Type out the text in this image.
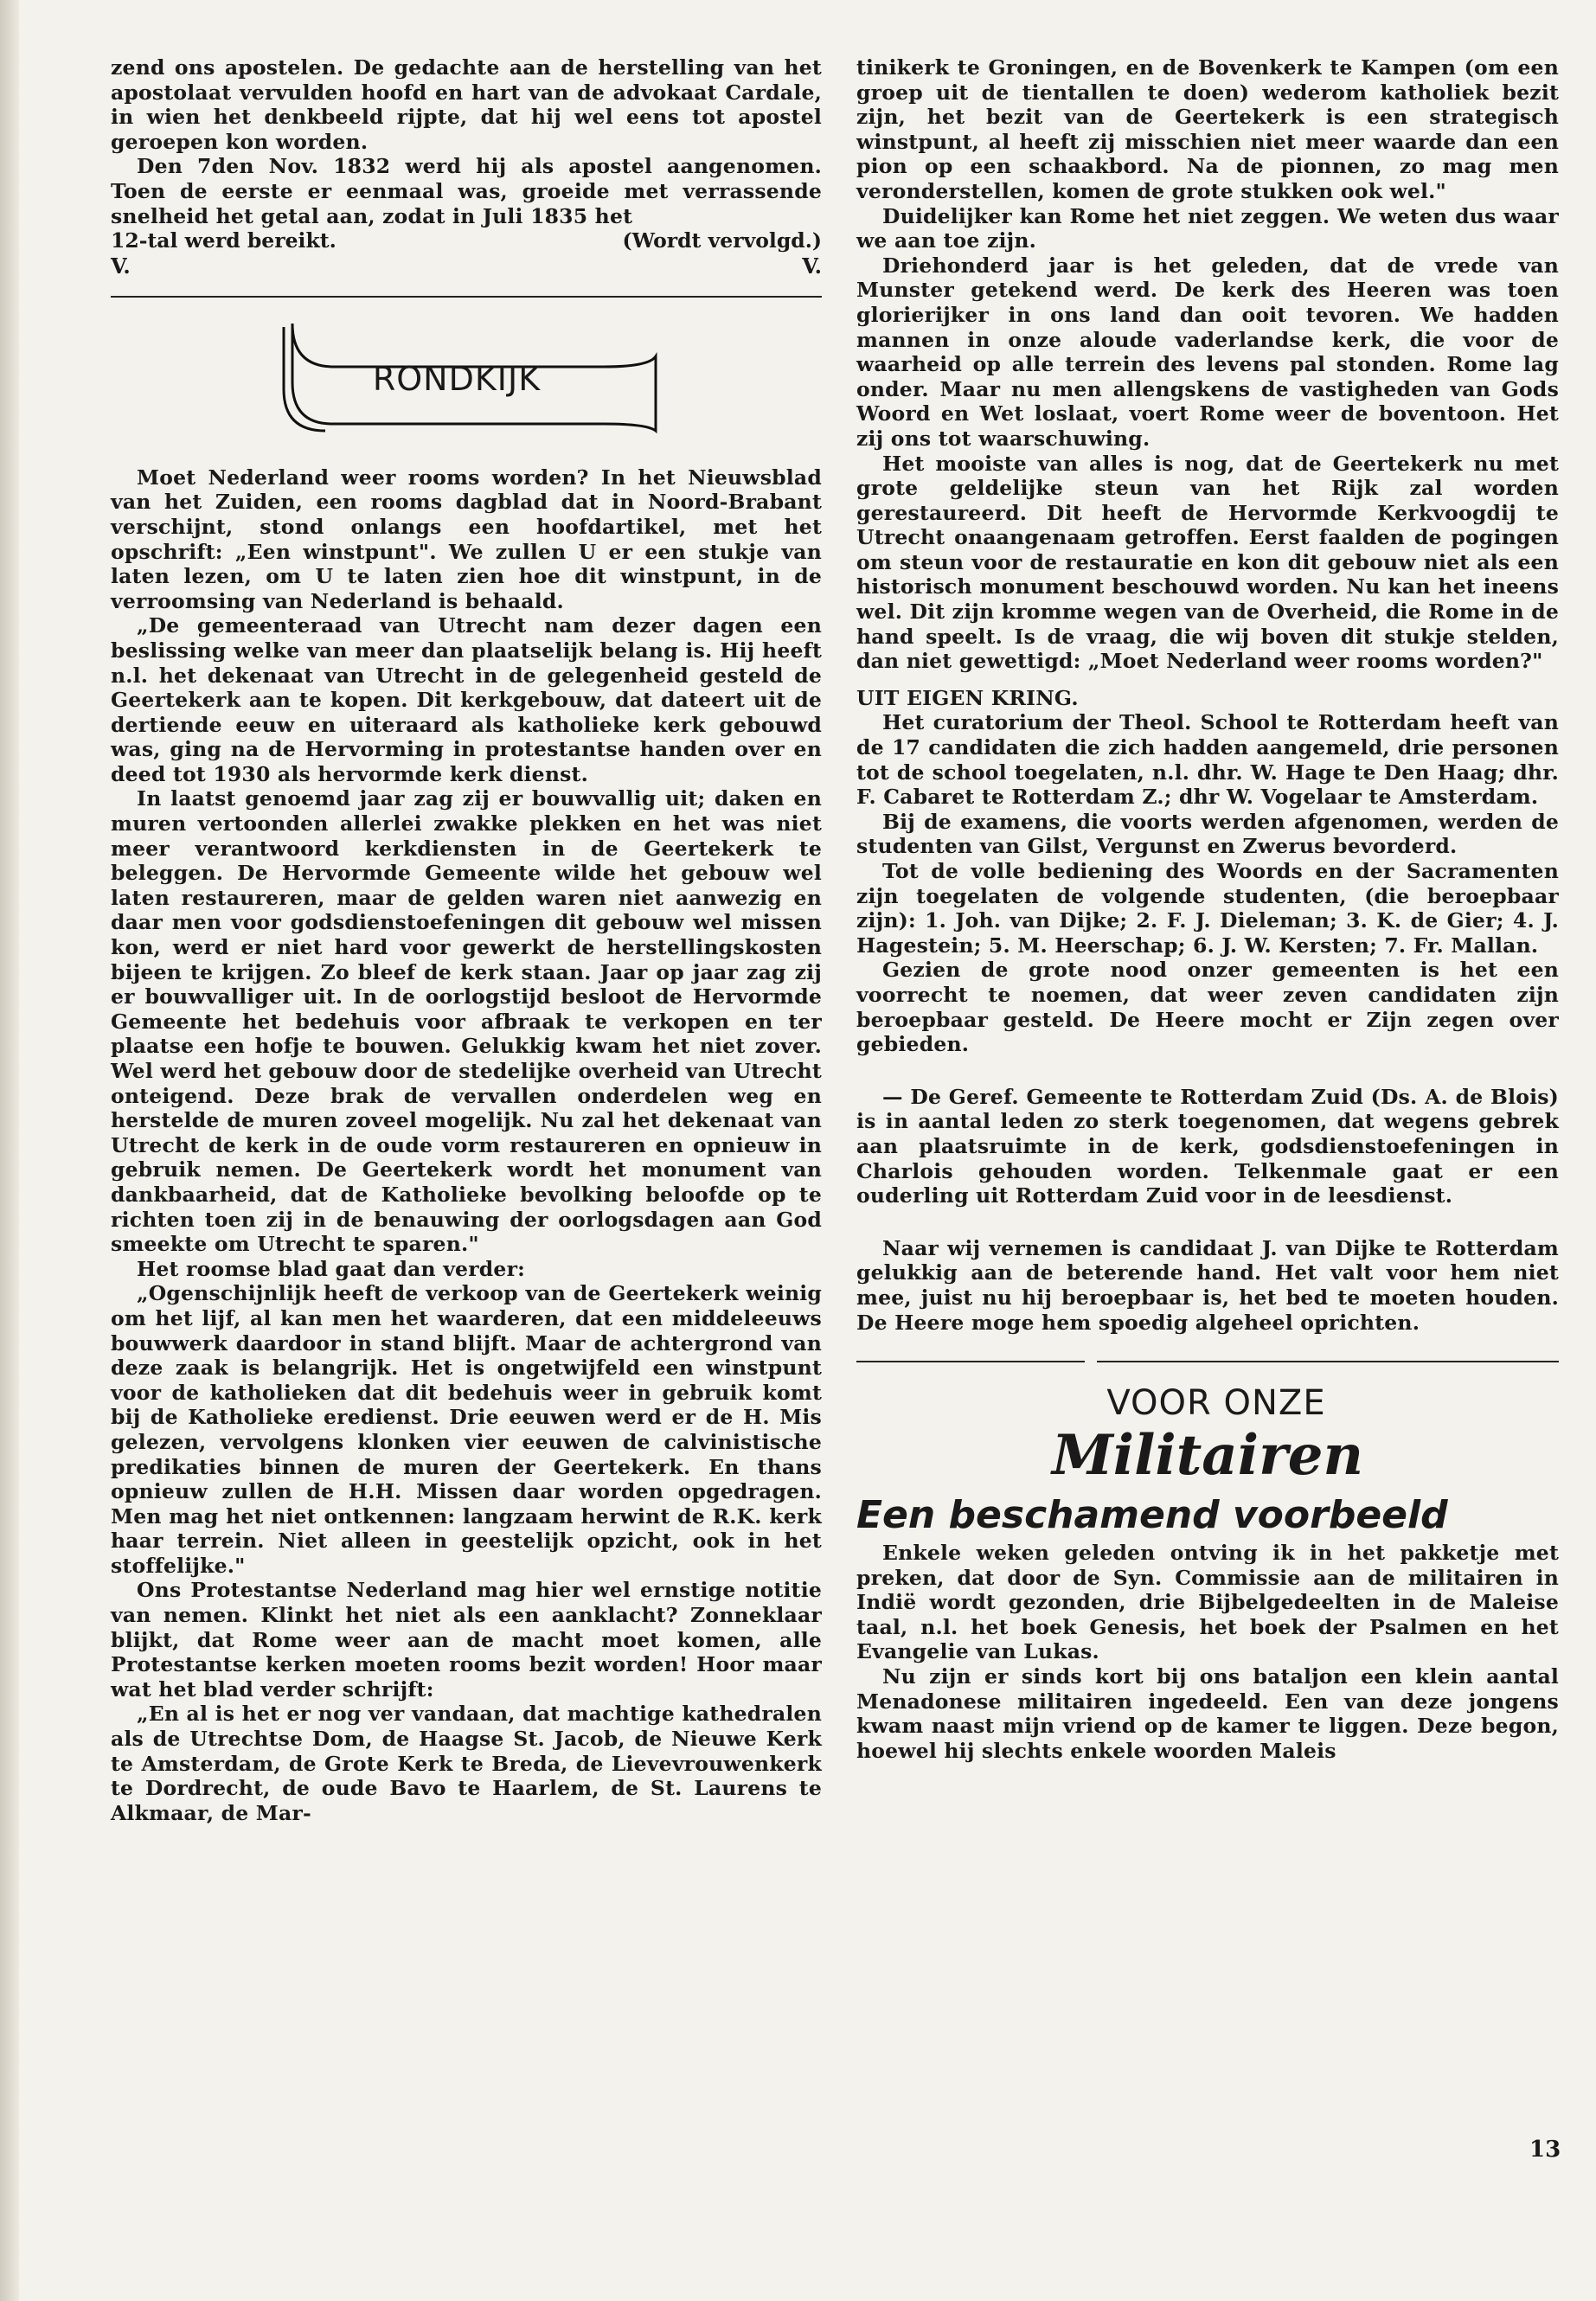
zend ons apostelen. De gedachte aan de herstelling van het apostolaat vervulden hoofd en hart van de advokaat Cardale, in wien het denkbeeld rijpte, dat hij wel eens tot apostel geroepen kon worden.

Den 7den Nov. 1832 werd hij als apostel aangenomen. Toen de eerste er eenmaal was, groeide met verrassende snelheid het getal aan, zodat in Juli 1835 het

12-tal werd bereikt.	(Wordt vervolgd.)
V.	V.
RONDKIJK

Moet Nederland weer rooms worden? In het Nieuwsblad van het Zuiden, een rooms dagblad dat in Noord-Brabant verschijnt, stond onlangs een hoofdartikel, met het opschrift: „Een winstpunt". We zullen U er een stukje van laten lezen, om U te laten zien hoe dit winstpunt, in de verroomsing van Nederland is behaald.

„De gemeenteraad van Utrecht nam dezer dagen een beslissing welke van meer dan plaatselijk belang is. Hij heeft n.l. het dekenaat van Utrecht in de gelegenheid gesteld de Geertekerk aan te kopen. Dit kerkgebouw, dat dateert uit de dertiende eeuw en uiteraard als katholieke kerk gebouwd was, ging na de Hervorming in protestantse handen over en deed tot 1930 als hervormde kerk dienst.

In laatst genoemd jaar zag zij er bouwvallig uit; daken en muren vertoonden allerlei zwakke plekken en het was niet meer verantwoord kerkdiensten in de Geertekerk te beleggen. De Hervormde Gemeente wilde het gebouw wel laten restaureren, maar de gelden waren niet aanwezig en daar men voor godsdienstoefeningen dit gebouw wel missen kon, werd er niet hard voor gewerkt de herstellingskosten bijeen te krijgen. Zo bleef de kerk staan. Jaar op jaar zag zij er bouwvalliger uit. In de oorlogstijd besloot de Hervormde Gemeente het bedehuis voor afbraak te verkopen en ter plaatse een hofje te bouwen. Gelukkig kwam het niet zover. Wel werd het gebouw door de stedelijke overheid van Utrecht onteigend. Deze brak de vervallen onderdelen weg en herstelde de muren zoveel mogelijk. Nu zal het dekenaat van Utrecht de kerk in de oude vorm restaureren en opnieuw in gebruik nemen. De Geertekerk wordt het monument van dankbaarheid, dat de Katholieke bevolking beloofde op te richten toen zij in de benauwing der oorlogsdagen aan God smeekte om Utrecht te sparen."

Het roomse blad gaat dan verder:

„Ogenschijnlijk heeft de verkoop van de Geertekerk weinig om het lijf, al kan men het waarderen, dat een middeleeuws bouwwerk daardoor in stand blijft. Maar de achtergrond van deze zaak is belangrijk. Het is ongetwijfeld een winstpunt voor de katholieken dat dit bedehuis weer in gebruik komt bij de Katholieke eredienst. Drie eeuwen werd er de H. Mis gelezen, vervolgens klonken vier eeuwen de calvinistische predikaties binnen de muren der Geertekerk. En thans opnieuw zullen de H.H. Missen daar worden opgedragen. Men mag het niet ontkennen: langzaam herwint de R.K. kerk haar terrein. Niet alleen in geestelijk opzicht, ook in het stoffelijke."

Ons Protestantse Nederland mag hier wel ernstige notitie van nemen. Klinkt het niet als een aanklacht? Zonneklaar blijkt, dat Rome weer aan de macht moet komen, alle Protestantse kerken moeten rooms bezit worden! Hoor maar wat het blad verder schrijft:

„En al is het er nog ver vandaan, dat machtige kathedralen als de Utrechtse Dom, de Haagse St. Jacob, de Nieuwe Kerk te Amsterdam, de Grote Kerk te Breda, de Lievevrouwenkerk te Dordrecht, de oude Bavo te Haarlem, de St. Laurens te Alkmaar, de Mar-

tinikerk te Groningen, en de Bovenkerk te Kampen (om een groep uit de tientallen te doen) wederom katholiek bezit zijn, het bezit van de Geertekerk is een strategisch winstpunt, al heeft zij misschien niet meer waarde dan een pion op een schaakbord. Na de pionnen, zo mag men veronderstellen, komen de grote stukken ook wel."

Duidelijker kan Rome het niet zeggen. We weten dus waar we aan toe zijn.

Driehonderd jaar is het geleden, dat de vrede van Munster getekend werd. De kerk des Heeren was toen glorierijker in ons land dan ooit tevoren. We hadden mannen in onze aloude vaderlandse kerk, die voor de waarheid op alle terrein des levens pal stonden. Rome lag onder. Maar nu men allengskens de vastigheden van Gods Woord en Wet loslaat, voert Rome weer de boventoon. Het zij ons tot waarschuwing.

Het mooiste van alles is nog, dat de Geertekerk nu met grote geldelijke steun van het Rijk zal worden gerestaureerd. Dit heeft de Hervormde Kerkvoogdij te Utrecht onaangenaam getroffen. Eerst faalden de pogingen om steun voor de restauratie en kon dit gebouw niet als een historisch monument beschouwd worden. Nu kan het ineens wel. Dit zijn kromme wegen van de Overheid, die Rome in de hand speelt. Is de vraag, die wij boven dit stukje stelden, dan niet gewettigd: „Moet Nederland weer rooms worden?"

UIT EIGEN KRING.

Het curatorium der Theol. School te Rotterdam heeft van de 17 candidaten die zich hadden aangemeld, drie personen tot de school toegelaten, n.l. dhr. W. Hage te Den Haag; dhr. F. Cabaret te Rotterdam Z.; dhr W. Vogelaar te Amsterdam.

Bij de examens, die voorts werden afgenomen, werden de studenten van Gilst, Vergunst en Zwerus bevorderd.

Tot de volle bediening des Woords en der Sacramenten zijn toegelaten de volgende studenten, (die beroepbaar zijn): 1. Joh. van Dijke; 2. F. J. Dieleman; 3. K. de Gier; 4. J. Hagestein; 5. M. Heerschap; 6. J. W. Kersten; 7. Fr. Mallan.

Gezien de grote nood onzer gemeenten is het een voorrecht te noemen, dat weer zeven candidaten zijn beroepbaar gesteld. De Heere mocht er Zijn zegen over gebieden.

— De Geref. Gemeente te Rotterdam Zuid (Ds. A. de Blois) is in aantal leden zo sterk toegenomen, dat wegens gebrek aan plaatsruimte in de kerk, godsdienstoefeningen in Charlois gehouden worden. Telkenmale gaat er een ouderling uit Rotterdam Zuid voor in de leesdienst.

Naar wij vernemen is candidaat J. van Dijke te Rotterdam gelukkig aan de beterende hand. Het valt voor hem niet mee, juist nu hij beroepbaar is, het bed te moeten houden. De Heere moge hem spoedig algeheel oprichten.

VOOR ONZE
Militairen
Een beschamend voorbeeld

Enkele weken geleden ontving ik in het pakketje met preken, dat door de Syn. Commissie aan de militairen in Indië wordt gezonden, drie Bijbelgedeelten in de Maleise taal, n.l. het boek Genesis, het boek der Psalmen en het Evangelie van Lukas.

Nu zijn er sinds kort bij ons bataljon een klein aantal Menadonese militairen ingedeeld. Een van deze jongens kwam naast mijn vriend op de kamer te liggen. Deze begon, hoewel hij slechts enkele woorden Maleis

13
